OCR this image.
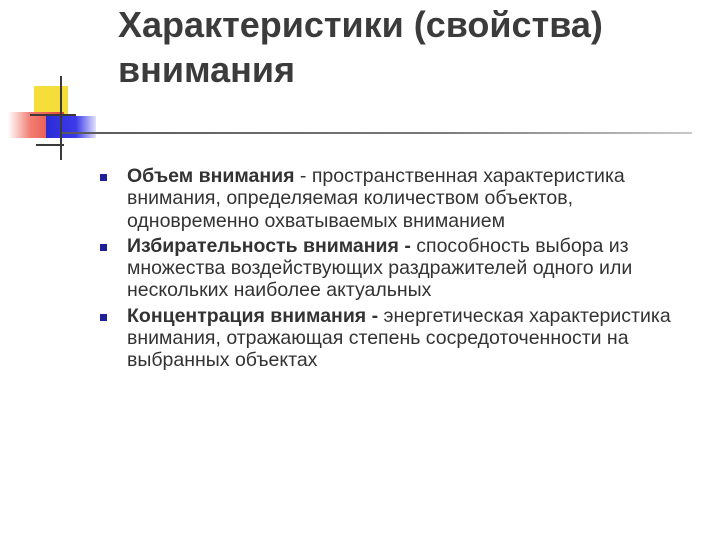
Характеристики (свойства)
внимания
Объем внимания - пространственная характеристика внимания, определяемая количеством объектов, одновременно охватываемых вниманием
Избирательность внимания - способность выбора из множества воздействующих раздражителей одного или нескольких наиболее актуальных
Концентрация внимания - энергетическая характеристика внимания, отражающая степень сосредоточенности на выбранных объектах
